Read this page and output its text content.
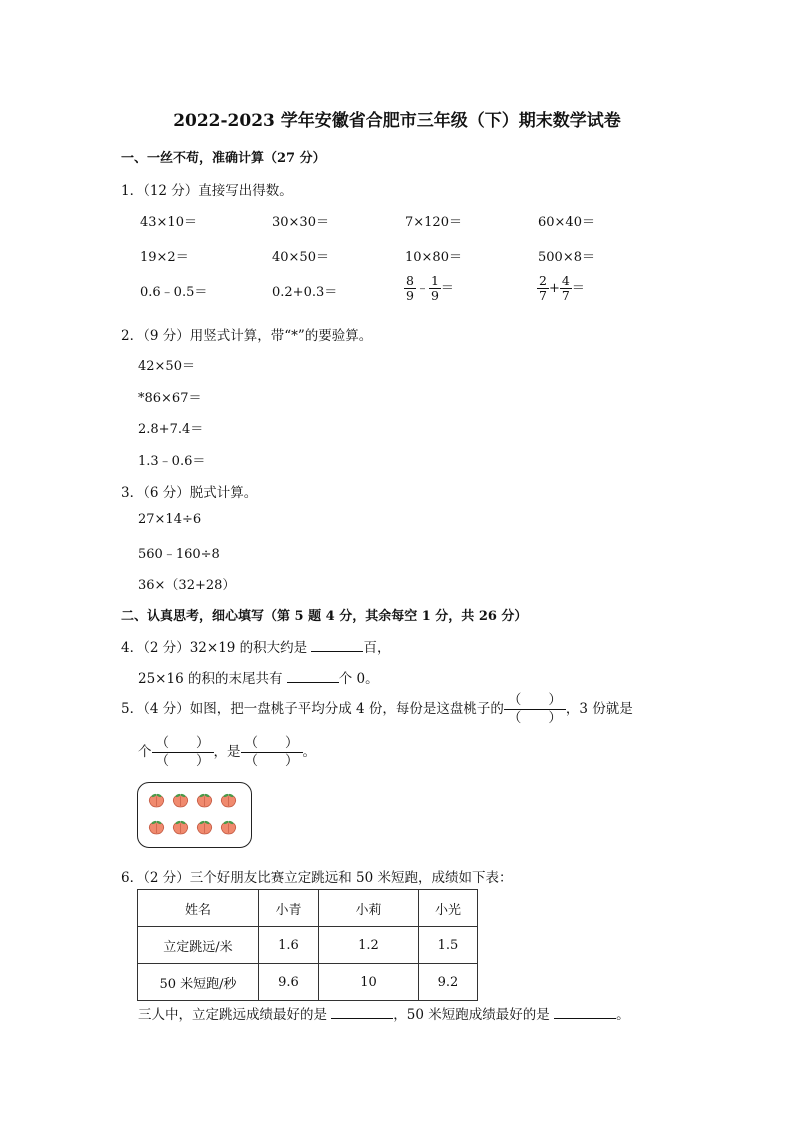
2022-2023 学年安徽省合肥市三年级（下）期末数学试卷
一、一丝不苟，准确计算（27 分）
1．（12 分）直接写出得数。
43×10＝	30×30＝	7×120＝	60×40＝
19×2＝	40×50＝	10×80＝	500×8＝
0.6﹣0.5＝	0.2+0.3＝	$\frac{8}{9}$ ﹣ $\frac{1}{9}$ ＝	$\frac{2}{7} + \frac{4}{7}$ ＝
2．（9 分）用竖式计算，带“*”的要验算。
42×50＝
*86×67＝
2.8+7.4＝
1.3﹣0.6＝
3．（6 分）脱式计算。
27×14÷6
560﹣160÷8
36×（32+28）
二、认真思考，细心填写（第 5 题 4 分，其余每空 1 分，共 26 分）
4．（2 分）32×19 的积大约是	百，
25×16 的积的末尾共有	个 0。
5．（4 分）如图，把一盘桃子平均分成 4 份，每份是这盘桃子的
（　　）
（　　）
，3 份就是
个
（　　）
（　　）
，是
（　　）
（　　）
。
6．（2 分）三个好朋友比赛立定跳远和 50 米短跑，成绩如下表：
姓名	小青	小莉	小光
立定跳远/米	1.6	1.2	1.5
50 米短跑/秒	9.6	10	9.2
三人中，立定跳远成绩最好的是	，50 米短跑成绩最好的是	。
